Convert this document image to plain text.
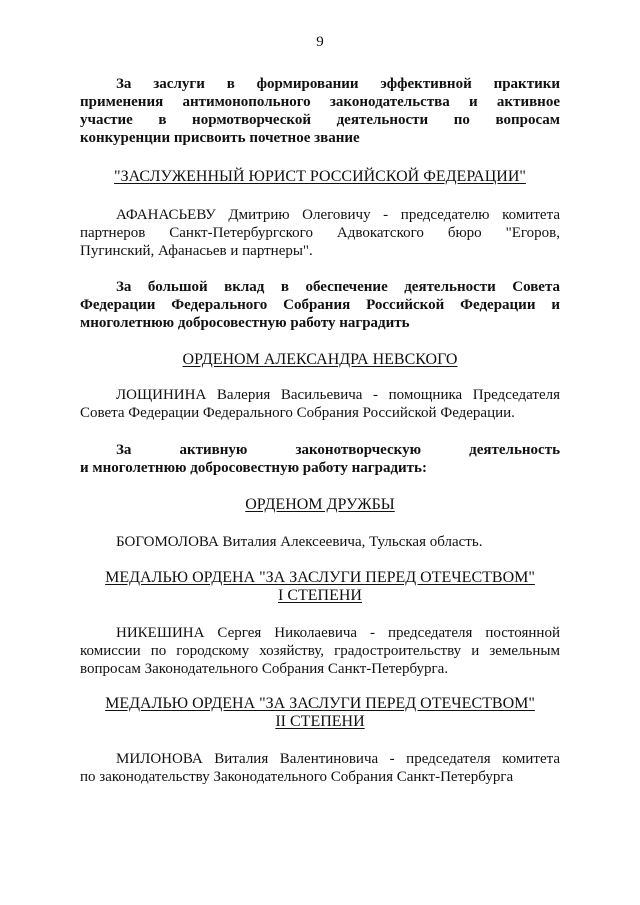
9
За заслуги в формировании эффективной практики
применения антимонопольного законодательства и активное
участие в нормотворческой деятельности по вопросам
конкуренции присвоить почетное звание
"ЗАСЛУЖЕННЫЙ ЮРИСТ РОССИЙСКОЙ ФЕДЕРАЦИИ"
АФАНАСЬЕВУ Дмитрию Олеговичу - председателю комитета
партнеров Санкт-Петербургского Адвокатского бюро "Егоров,
Пугинский, Афанасьев и партнеры".
За большой вклад в обеспечение деятельности Совета
Федерации Федерального Собрания Российской Федерации и
многолетнюю добросовестную работу наградить
ОРДЕНОМ АЛЕКСАНДРА НЕВСКОГО
ЛОЩИНИНА Валерия Васильевича - помощника Председателя
Совета Федерации Федерального Собрания Российской Федерации.
За активную законотворческую деятельность
и многолетнюю добросовестную работу наградить:
ОРДЕНОМ ДРУЖБЫ
БОГОМОЛОВА Виталия Алексеевича, Тульская область.
МЕДАЛЬЮ ОРДЕНА "ЗА ЗАСЛУГИ ПЕРЕД ОТЕЧЕСТВОМ"
I СТЕПЕНИ
НИКЕШИНА Сергея Николаевича - председателя постоянной
комиссии по городскому хозяйству, градостроительству и земельным
вопросам Законодательного Собрания Санкт-Петербурга.
МЕДАЛЬЮ ОРДЕНА "ЗА ЗАСЛУГИ ПЕРЕД ОТЕЧЕСТВОМ"
II СТЕПЕНИ
МИЛОНОВА Виталия Валентиновича - председателя комитета
по законодательству Законодательного Собрания Санкт-Петербурга
